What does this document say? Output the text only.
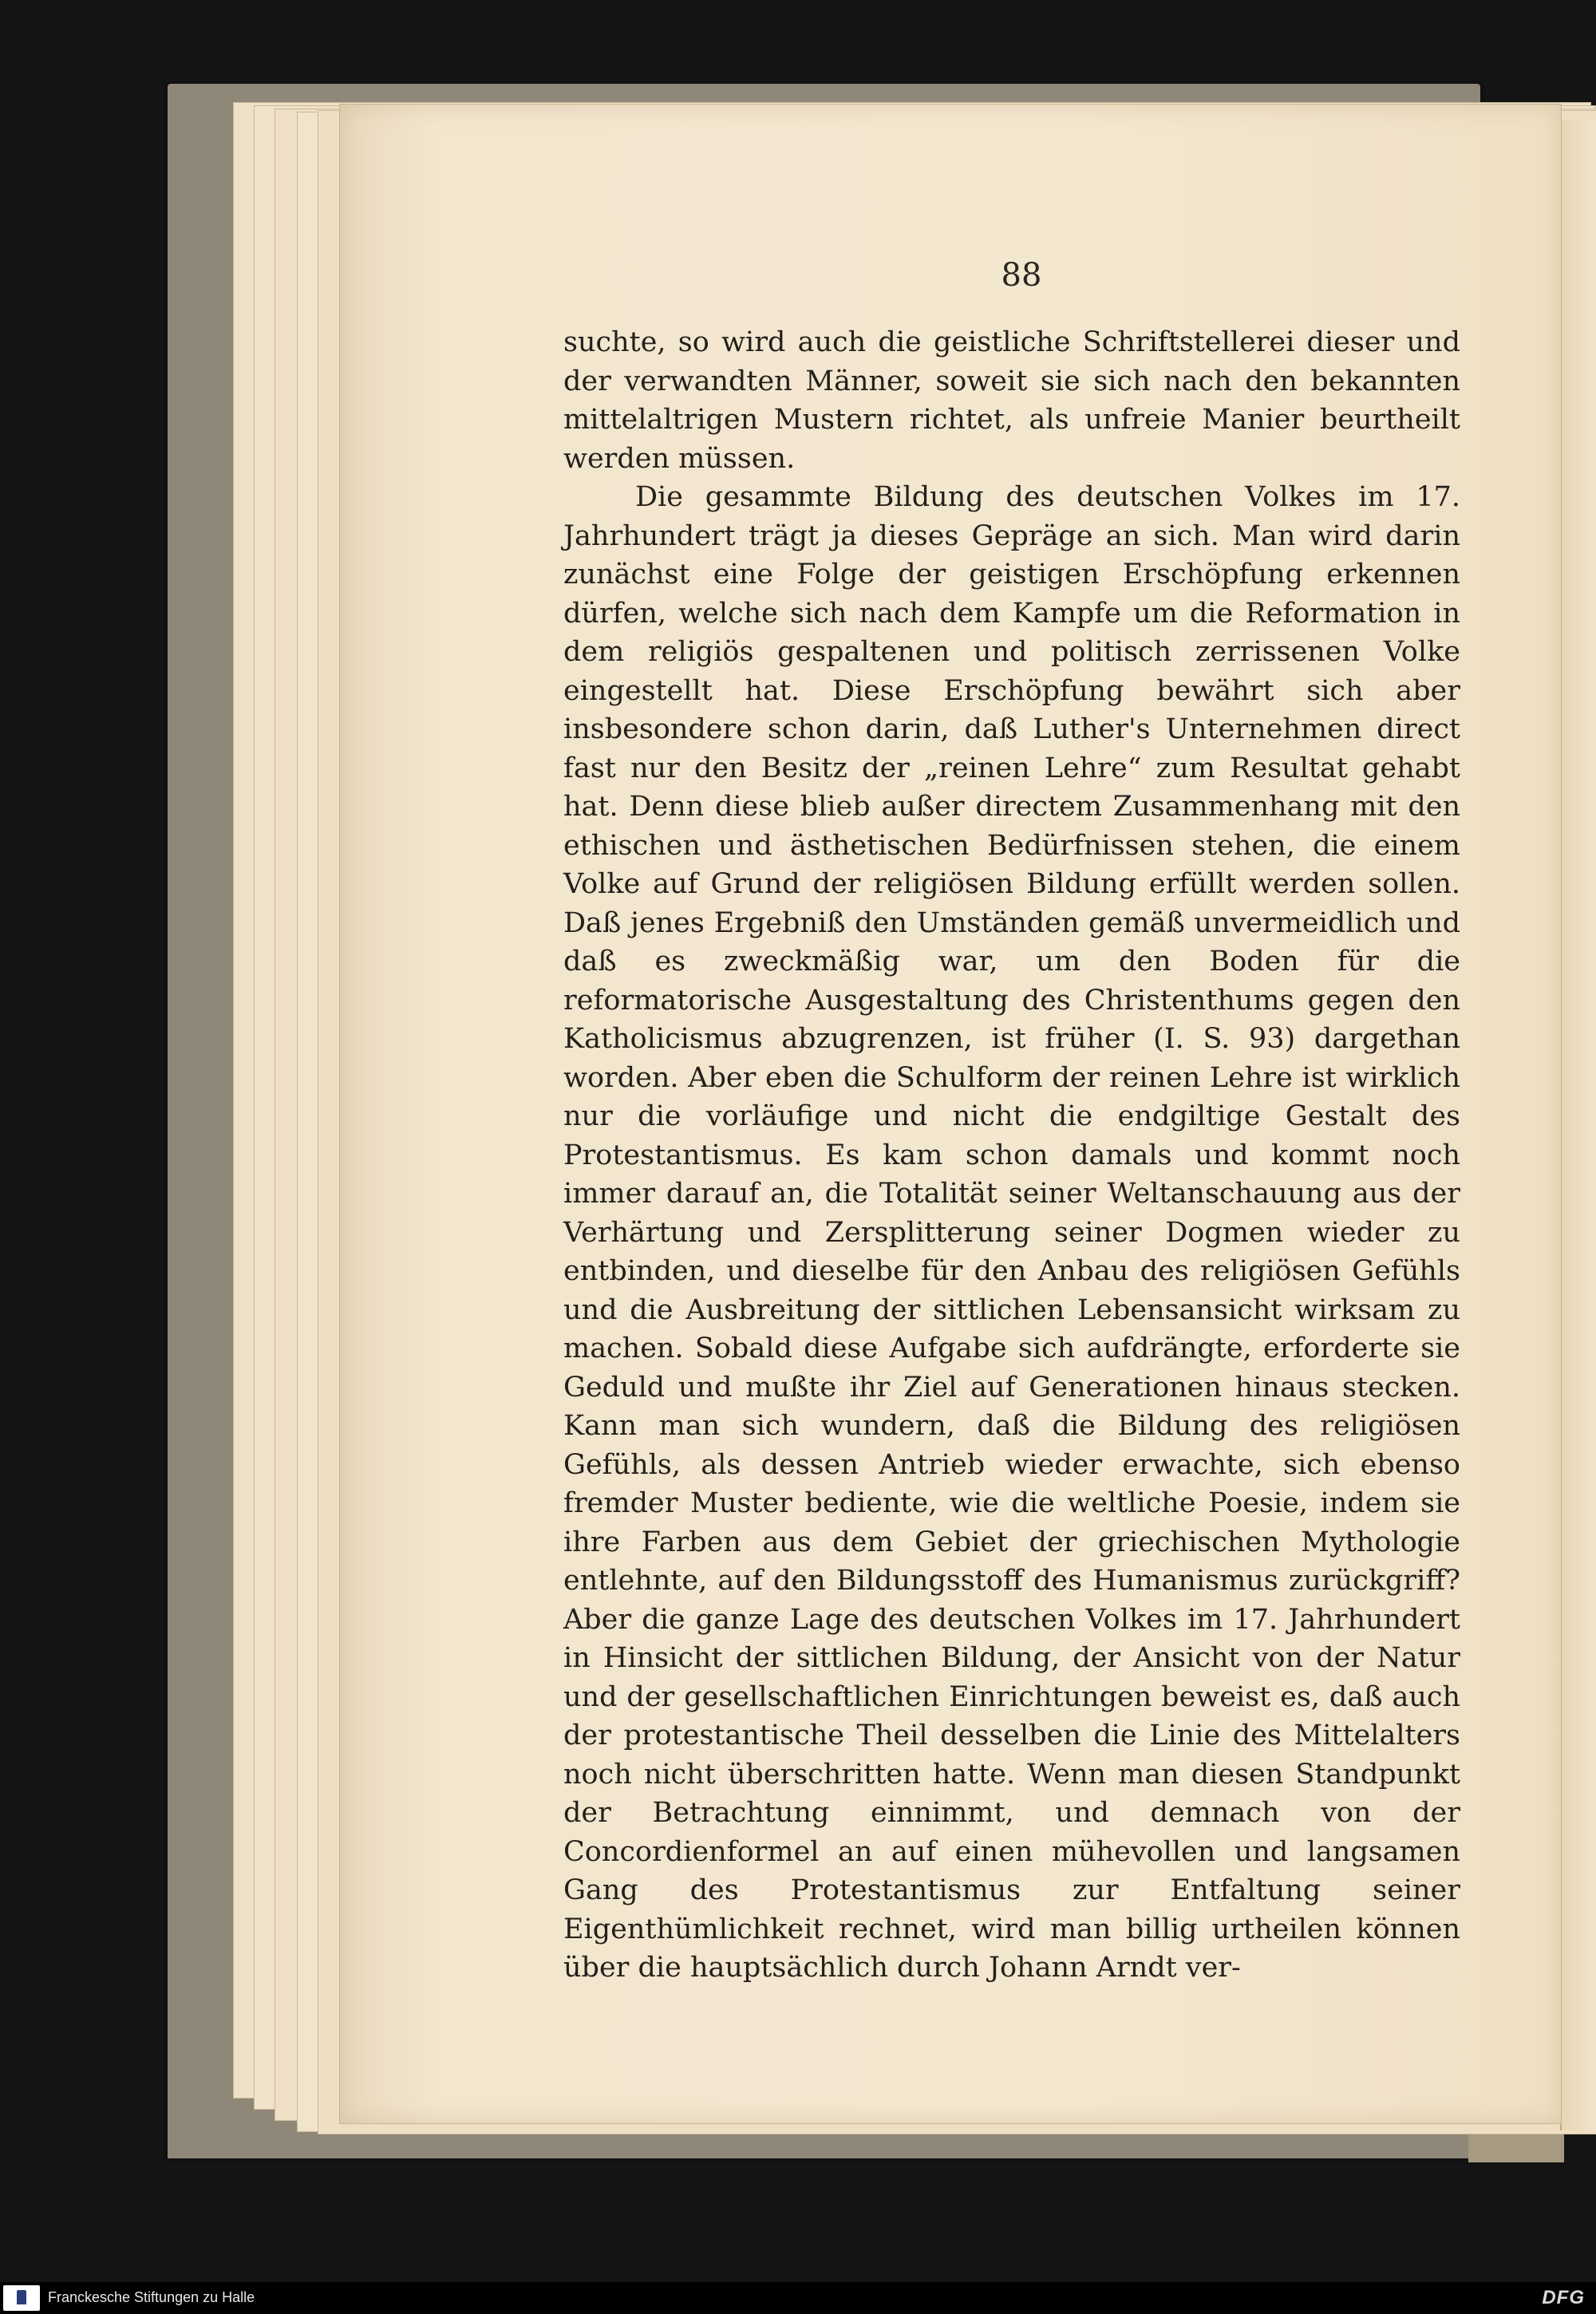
88

suchte, so wird auch die geistliche Schriftstellerei dieser und der verwandten Männer, soweit sie sich nach den bekannten mittelaltrigen Mustern richtet, als unfreie Manier beurtheilt werden müssen.

Die gesammte Bildung des deutschen Volkes im 17. Jahrhundert trägt ja dieses Gepräge an sich. Man wird darin zunächst eine Folge der geistigen Erschöpfung erkennen dürfen, welche sich nach dem Kampfe um die Reformation in dem religiös gespaltenen und politisch zerrissenen Volke eingestellt hat. Diese Erschöpfung bewährt sich aber insbesondere schon darin, daß Luther's Unternehmen direct fast nur den Besitz der „reinen Lehre“ zum Resultat gehabt hat. Denn diese blieb außer directem Zusammenhang mit den ethischen und ästhetischen Bedürfnissen stehen, die einem Volke auf Grund der religiösen Bildung erfüllt werden sollen. Daß jenes Ergebniß den Umständen gemäß unvermeidlich und daß es zweckmäßig war, um den Boden für die reformatorische Ausgestaltung des Christenthums gegen den Katholicismus abzugrenzen, ist früher (I. S. 93) dargethan worden. Aber eben die Schulform der reinen Lehre ist wirklich nur die vorläufige und nicht die endgiltige Gestalt des Protestantismus. Es kam schon damals und kommt noch immer darauf an, die Totalität seiner Weltanschauung aus der Verhärtung und Zersplitterung seiner Dogmen wieder zu entbinden, und dieselbe für den Anbau des religiösen Gefühls und die Ausbreitung der sittlichen Lebensansicht wirksam zu machen. Sobald diese Aufgabe sich aufdrängte, erforderte sie Geduld und mußte ihr Ziel auf Generationen hinaus stecken. Kann man sich wundern, daß die Bildung des religiösen Gefühls, als dessen Antrieb wieder erwachte, sich ebenso fremder Muster bediente, wie die weltliche Poesie, indem sie ihre Farben aus dem Gebiet der griechischen Mythologie entlehnte, auf den Bildungsstoff des Humanismus zurückgriff? Aber die ganze Lage des deutschen Volkes im 17. Jahrhundert in Hinsicht der sittlichen Bildung, der Ansicht von der Natur und der gesellschaftlichen Einrichtungen beweist es, daß auch der protestantische Theil desselben die Linie des Mittelalters noch nicht überschritten hatte. Wenn man diesen Standpunkt der Betrachtung einnimmt, und demnach von der Concordienformel an auf einen mühevollen und langsamen Gang des Protestantismus zur Entfaltung seiner Eigenthümlichkeit rechnet, wird man billig urtheilen können über die hauptsächlich durch Johann Arndt ver-

Franckesche Stiftungen zu Halle	DFG
